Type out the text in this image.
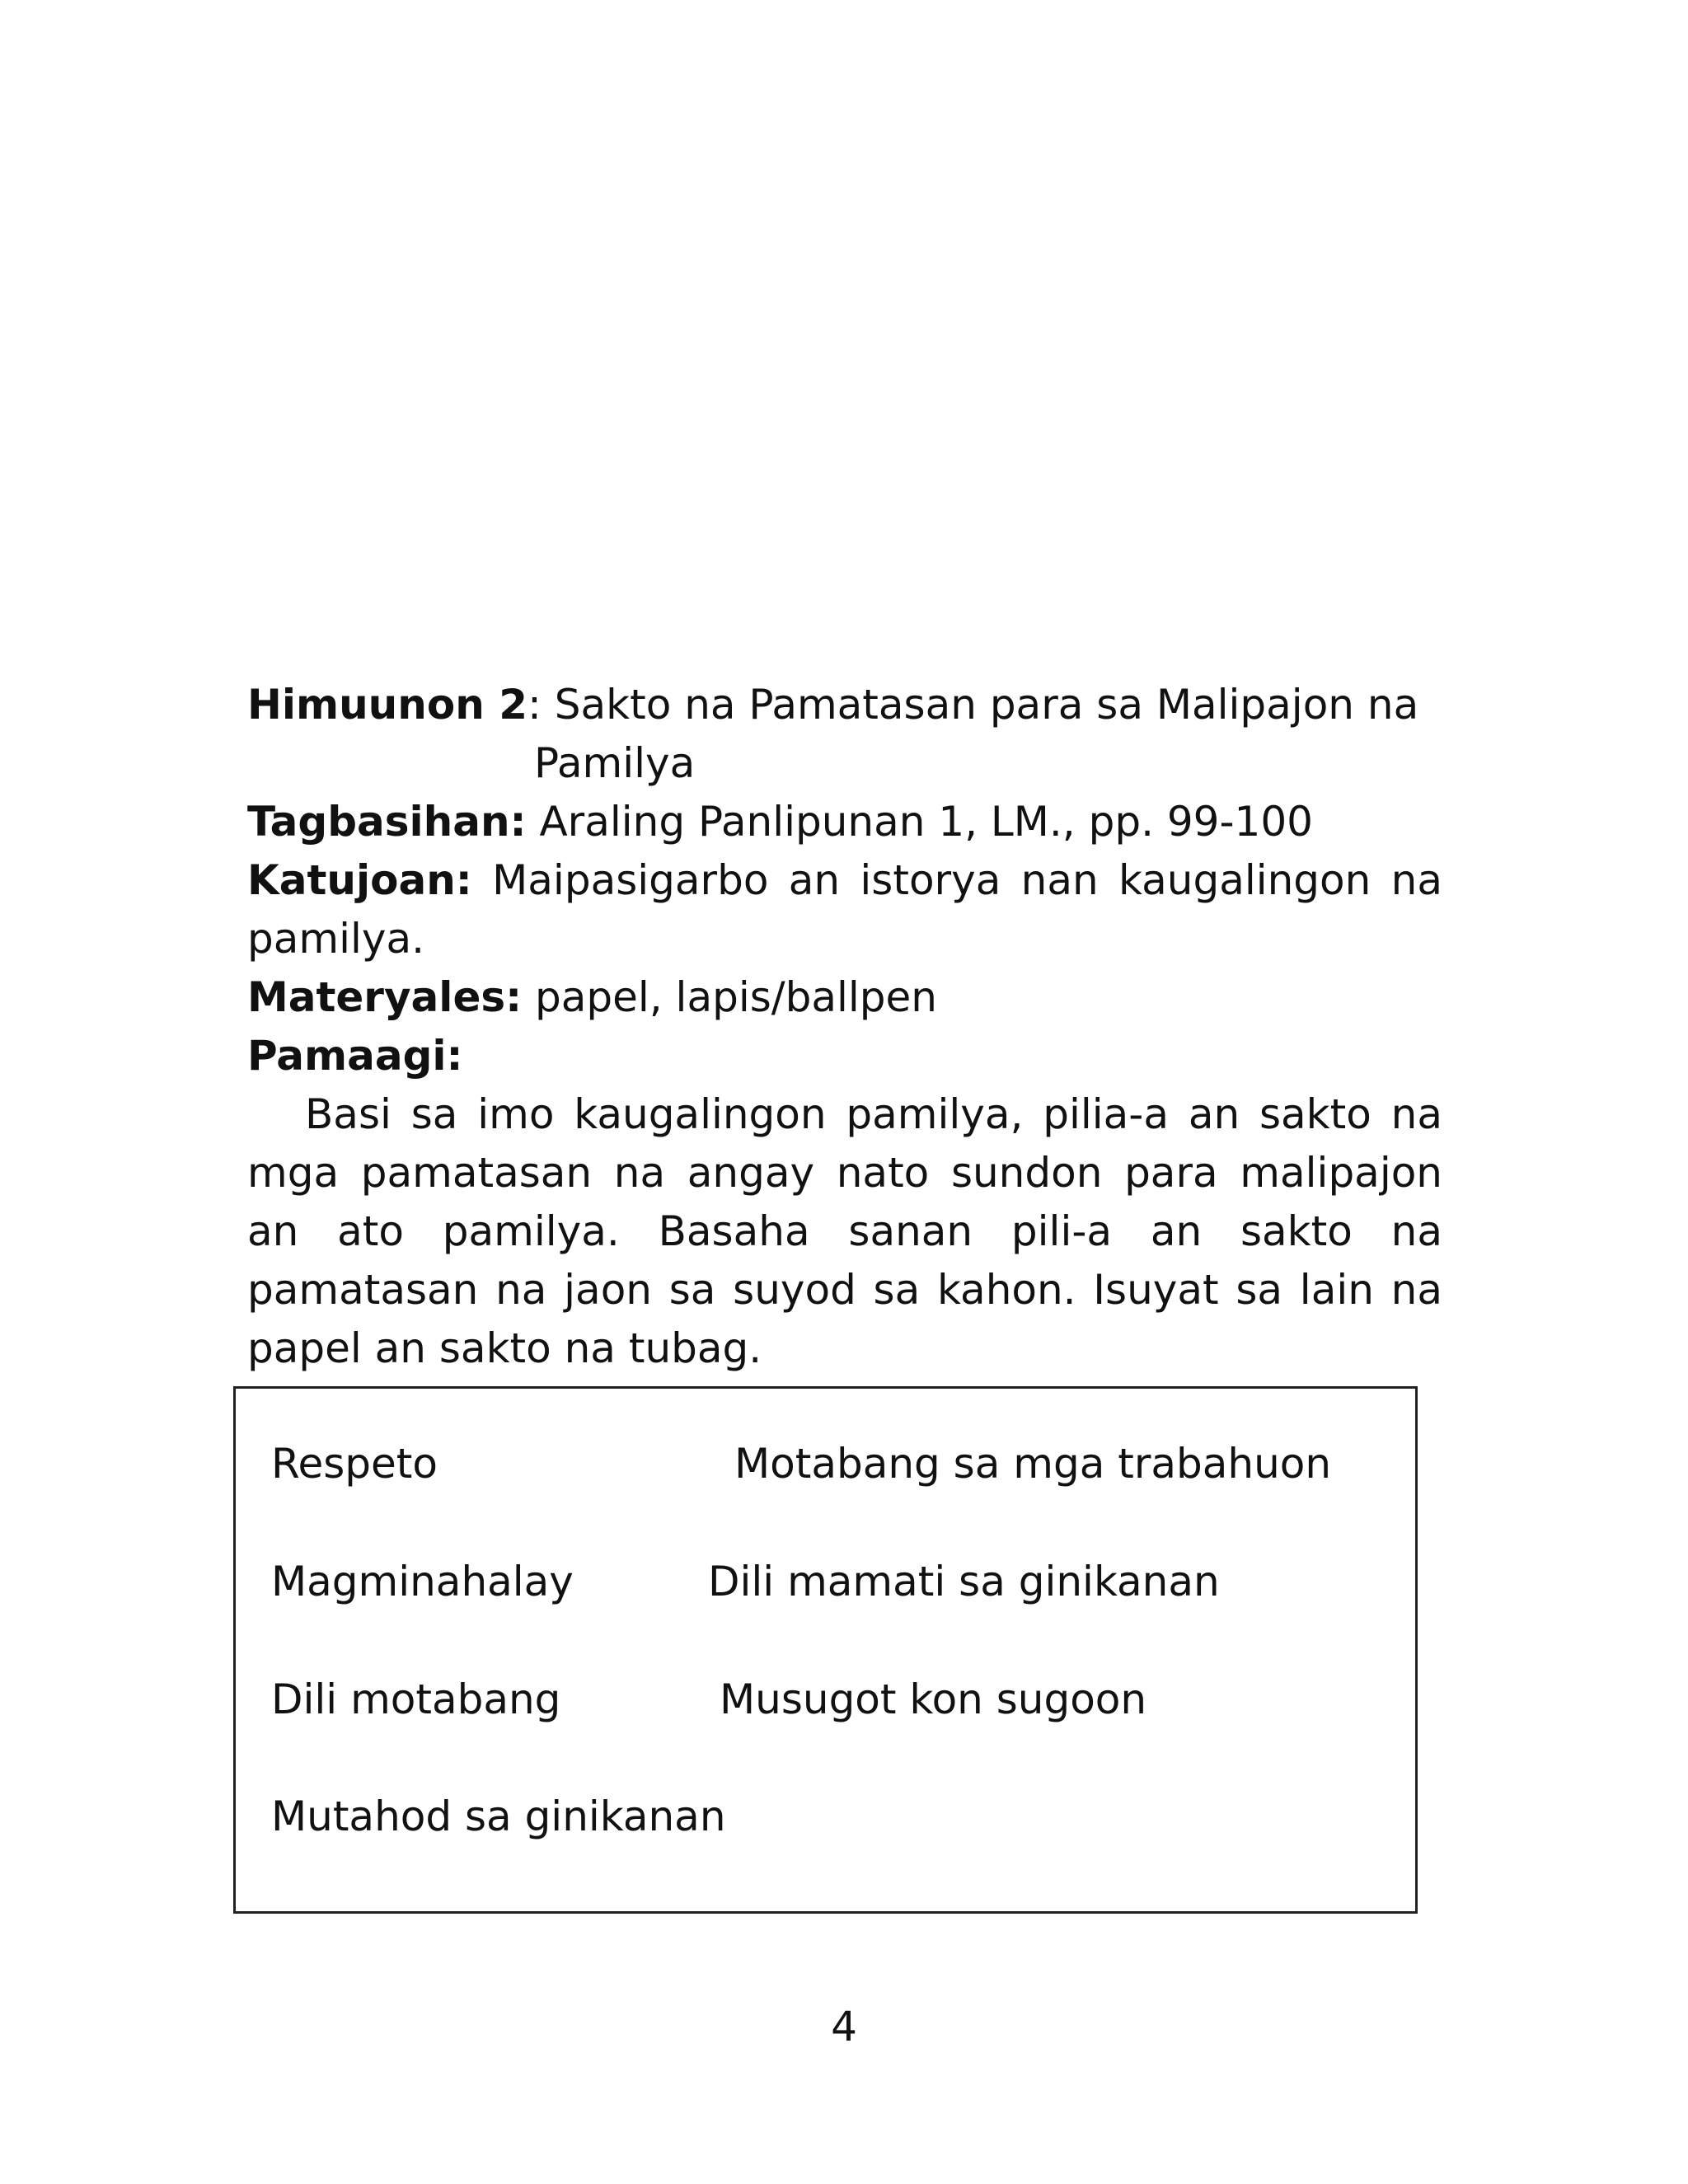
Himuunon 2: Sakto na Pamatasan para sa Malipajon na

Pamilya

Tagbasihan: Araling Panlipunan 1, LM., pp. 99-100

Katujoan: Maipasigarbo an istorya nan kaugalingon na

pamilya.

Materyales: papel, lapis/ballpen

Pamaagi:

Basi sa imo kaugalingon pamilya, pilia-a an sakto na mga pamatasan na angay nato sundon para malipajon an ato pamilya. Basaha sanan pili-a an sakto na pamatasan na jaon sa suyod sa kahon. Isuyat sa lain na papel an sakto na tubag.

Respeto	Motabang sa mga trabahuon
Magminahalay	Dili mamati sa ginikanan
Dili motabang	Musugot kon sugoon
Mutahod sa ginikanan
4
